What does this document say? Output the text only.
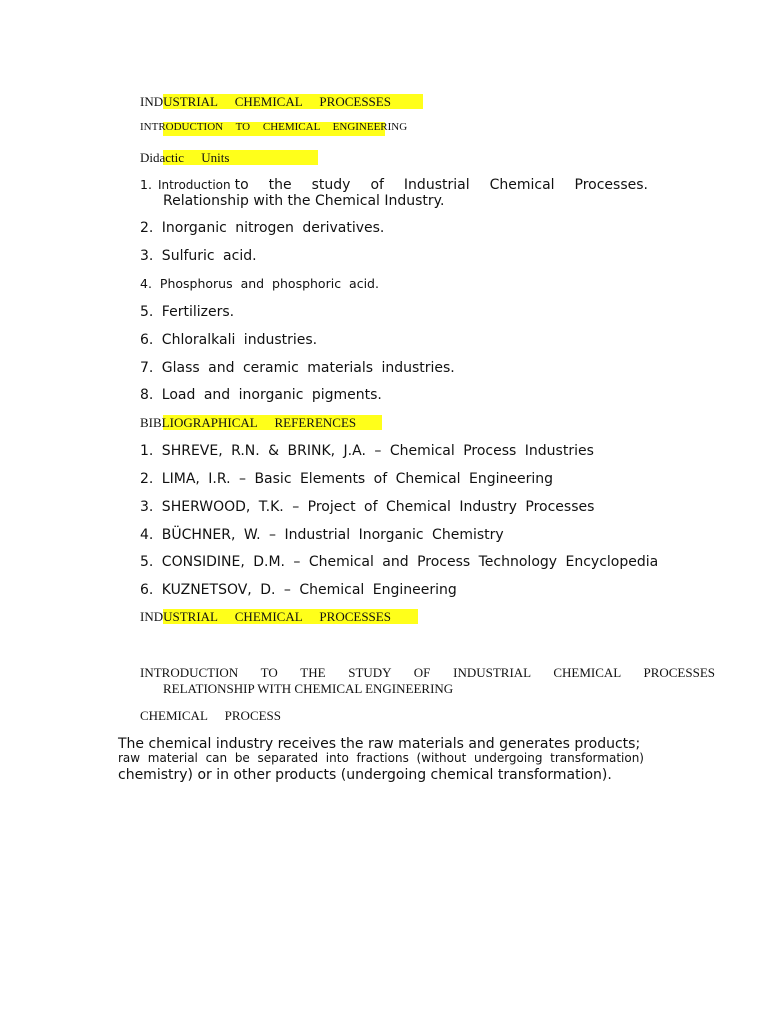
INDUSTRIAL CHEMICAL PROCESSES
INTRODUCTION TO CHEMICAL ENGINEERING
Didactic Units
1. Introduction to the study of Industrial Chemical Processes.
Relationship with the Chemical Industry.
2. Inorganic nitrogen derivatives.
3. Sulfuric acid.
4. Phosphorus and phosphoric acid.
5. Fertilizers.
6. Chloralkali industries.
7. Glass and ceramic materials industries.
8. Load and inorganic pigments.
BIBLIOGRAPHICAL REFERENCES
1. SHREVE, R.N. & BRINK, J.A. – Chemical Process Industries
2. LIMA, I.R. – Basic Elements of Chemical Engineering
3. SHERWOOD, T.K. – Project of Chemical Industry Processes
4. BÜCHNER, W. – Industrial Inorganic Chemistry
5. CONSIDINE, D.M. – Chemical and Process Technology Encyclopedia
6. KUZNETSOV, D. – Chemical Engineering
INDUSTRIAL CHEMICAL PROCESSES
INTRODUCTION TO THE STUDY OF INDUSTRIAL CHEMICAL PROCESSES
RELATIONSHIP WITH CHEMICAL ENGINEERING
CHEMICAL PROCESS
The chemical industry receives the raw materials and generates products;
raw material can be separated into fractions (without undergoing transformation)
chemistry) or in other products (undergoing chemical transformation).
